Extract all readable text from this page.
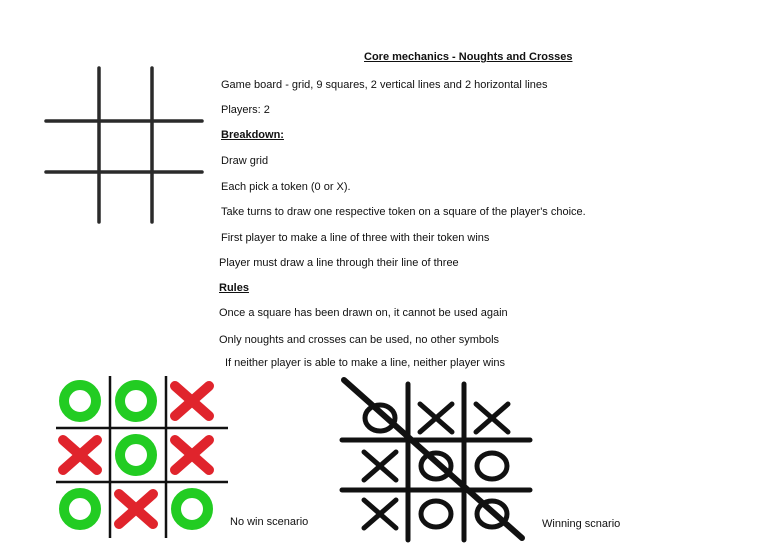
Core mechanics - Noughts and Crosses
Game board - grid, 9 squares, 2 vertical lines and 2 horizontal lines
Players: 2
Breakdown:
Draw grid
Each pick a token (0 or X).
Take turns to draw one respective token on a square of the player's choice.
First player to make a line of three with their token wins
Player must draw a line through their line of three
Rules
Once a square has been drawn on, it cannot be used again
Only noughts and crosses can be used, no other symbols
If neither player is able to make a line, neither player wins
No win scenario	Winning scnario
